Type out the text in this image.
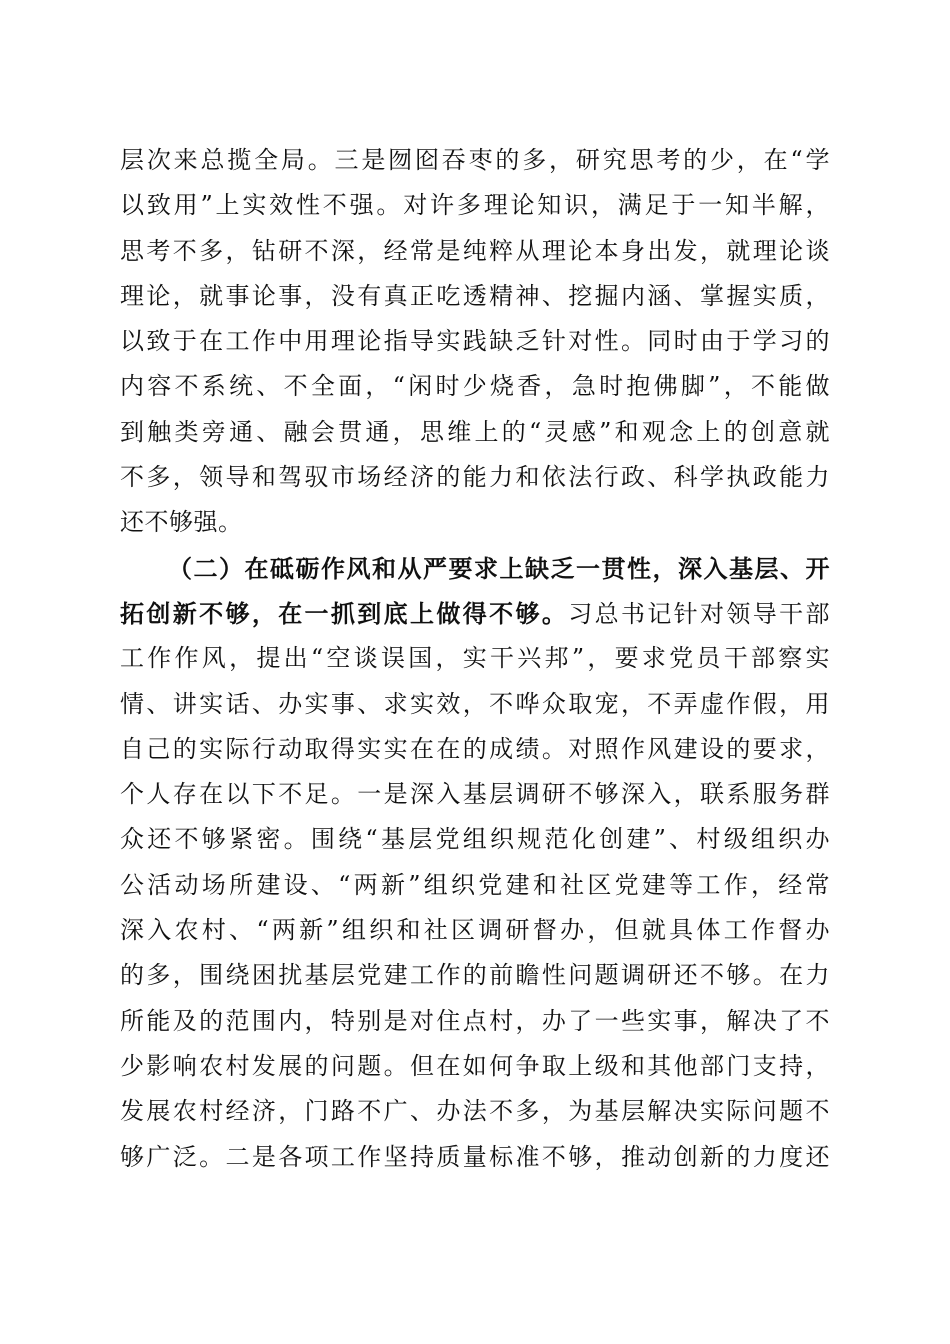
层次来总揽全局。三是囫囵吞枣的多，研究思考的少，在“学
以致用”上实效性不强。对许多理论知识，满足于一知半解，
思考不多，钻研不深，经常是纯粹从理论本身出发，就理论谈
理论，就事论事，没有真正吃透精神、挖掘内涵、掌握实质，
以致于在工作中用理论指导实践缺乏针对性。同时由于学习的
内容不系统、不全面，“闲时少烧香，急时抱佛脚”，不能做
到触类旁通、融会贯通，思维上的“灵感”和观念上的创意就
不多，领导和驾驭市场经济的能力和依法行政、科学执政能力
还不够强。
（二）在砥砺作风和从严要求上缺乏一贯性，深入基层、开
拓创新不够，在一抓到底上做得不够。习总书记针对领导干部
工作作风，提出“空谈误国，实干兴邦”，要求党员干部察实
情、讲实话、办实事、求实效，不哗众取宠，不弄虚作假，用
自己的实际行动取得实实在在的成绩。对照作风建设的要求，
个人存在以下不足。一是深入基层调研不够深入，联系服务群
众还不够紧密。围绕“基层党组织规范化创建”、村级组织办
公活动场所建设、“两新”组织党建和社区党建等工作，经常
深入农村、“两新”组织和社区调研督办，但就具体工作督办
的多，围绕困扰基层党建工作的前瞻性问题调研还不够。在力
所能及的范围内，特别是对住点村，办了一些实事，解决了不
少影响农村发展的问题。但在如何争取上级和其他部门支持，
发展农村经济，门路不广、办法不多，为基层解决实际问题不
够广泛。二是各项工作坚持质量标准不够，推动创新的力度还
